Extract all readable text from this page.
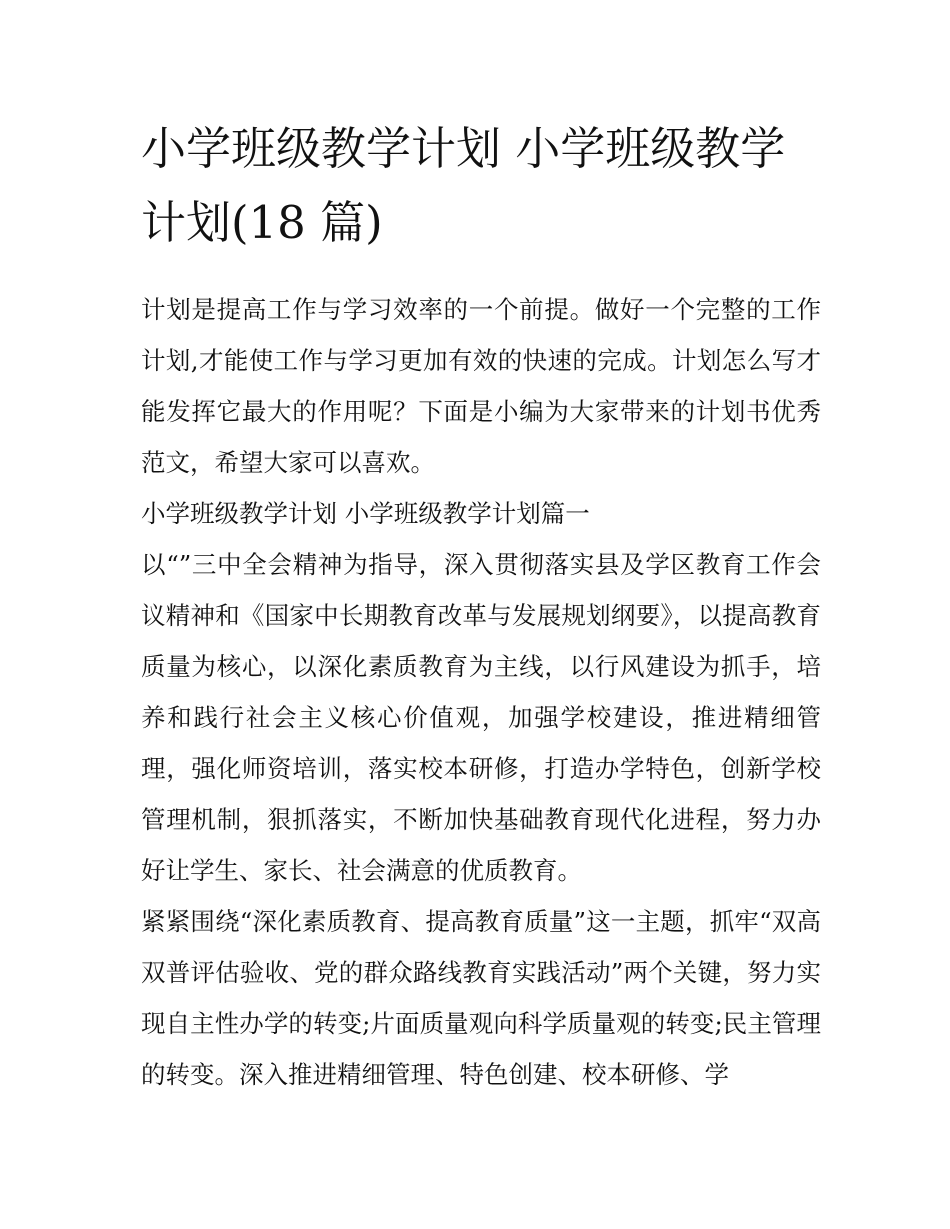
小学班级教学计划 小学班级教学计划(18 篇)

计划是提高工作与学习效率的一个前提。做好一个完整的工作计划,才能使工作与学习更加有效的快速的完成。计划怎么写才能发挥它最大的作用呢？下面是小编为大家带来的计划书优秀范文，希望大家可以喜欢。

小学班级教学计划 小学班级教学计划篇一

以“”三中全会精神为指导，深入贯彻落实县及学区教育工作会议精神和《国家中长期教育改革与发展规划纲要》，以提高教育质量为核心，以深化素质教育为主线，以行风建设为抓手，培养和践行社会主义核心价值观，加强学校建设，推进精细管理，强化师资培训，落实校本研修，打造办学特色，创新学校管理机制，狠抓落实，不断加快基础教育现代化进程，努力办好让学生、家长、社会满意的优质教育。

紧紧围绕“深化素质教育、提高教育质量”这一主题，抓牢“双高双普评估验收、党的群众路线教育实践活动”两个关键，努力实现自主性办学的转变;片面质量观向科学质量观的转变;民主管理的转变。深入推进精细管理、特色创建、校本研修、学
